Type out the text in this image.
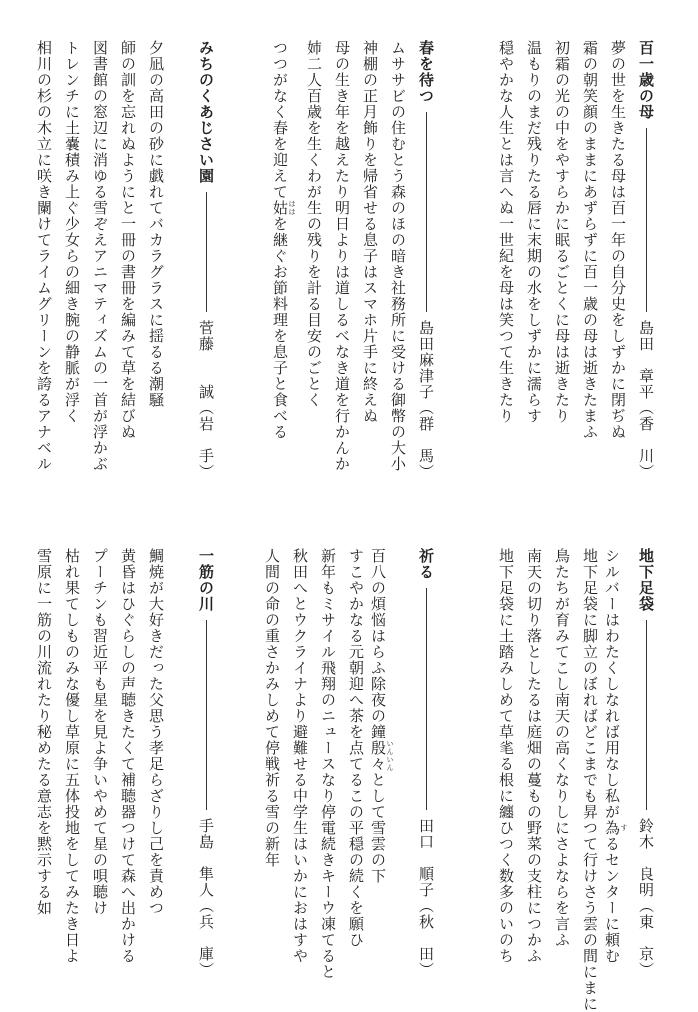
百一歳の母
島田　章平（香　川）
夢の世を生きたる母は百一年の自分史をしずかに閉ぢぬ
霜の朝笑顔のままにあずらずに百一歳の母は逝きたまふ
初霜の光の中をやすらかに眠るごとくに母は逝きたり
温もりのまだ残りたる唇に末期の水をしずかに濡らす
穏やかな人生とは言へぬ一世紀を母は笑つて生きたり
春を待つ
島田麻津子（群　馬）
ムササビの住むとう森のほの暗き社務所に受ける御幣の大小
神棚の正月飾りを帰省せる息子はスマホ片手に終えぬ
母の生き年を越えたり明日よりは道しるべなき道を行かんか
姉二人百歳を生くわが生の残りを計る目安のごとく
つつがなく春を迎えて姑 ははを継ぐお節料理を息子と食べる
みちのくあじさい園
菅藤　　誠（岩　手）
夕凪の高田の砂に戯れてバカラグラスに揺るる潮騒
師の訓を忘れぬようにと一冊の書冊を編みて草を結びぬ
図書館の窓辺に消ゆる雪ぞえアニマティズムの一首が浮かぶ
トレンチに土嚢積み上ぐ少女らの細き腕の静脈が浮く
相川の杉の木立に咲き闌けてライムグリーンを誇るアナベル
地下足袋
鈴木　良明（東　京）
シルバーはわたくしなれば用なし私が為 するセンターに頼む
地下足袋に脚立のぼればどこまでも昇つて行けさう雲の間にまに
鳥たちが育みてこし南天の高くなりしにさよならを言ふ
南天の切り落としたるは庭畑の蔓もの野菜の支柱につかふ
地下足袋に土踏みしめて草毟る根に纏ひつく数多のいのち
祈る
田口　順子（秋　田）
百八の煩悩はらふ除夜の鐘殷々 いんいんとして雪雲の下
すこやかなる元朝迎へ茶を点てるこの平穏の続くを願ひ
新年もミサイル飛翔のニュースなり停電続きキーウ凍てると
秋田へとウクライナより避難せる中学生はいかにおはすや
人間の命の重さかみしめて停戦祈る雪の新年
一筋の川
手島　隼人（兵　庫）
鯛焼が大好きだった父思う孝足らざりし己を責めつ
黄昏はひぐらしの声聴きたくて補聴器つけて森へ出かける
プーチンも習近平も星を見よ争いやめて星の唄聴け
枯れ果てしものみな優し草原に五体投地をしてみたき日よ
雪原に一筋の川流れたり秘めたる意志を黙示する如
